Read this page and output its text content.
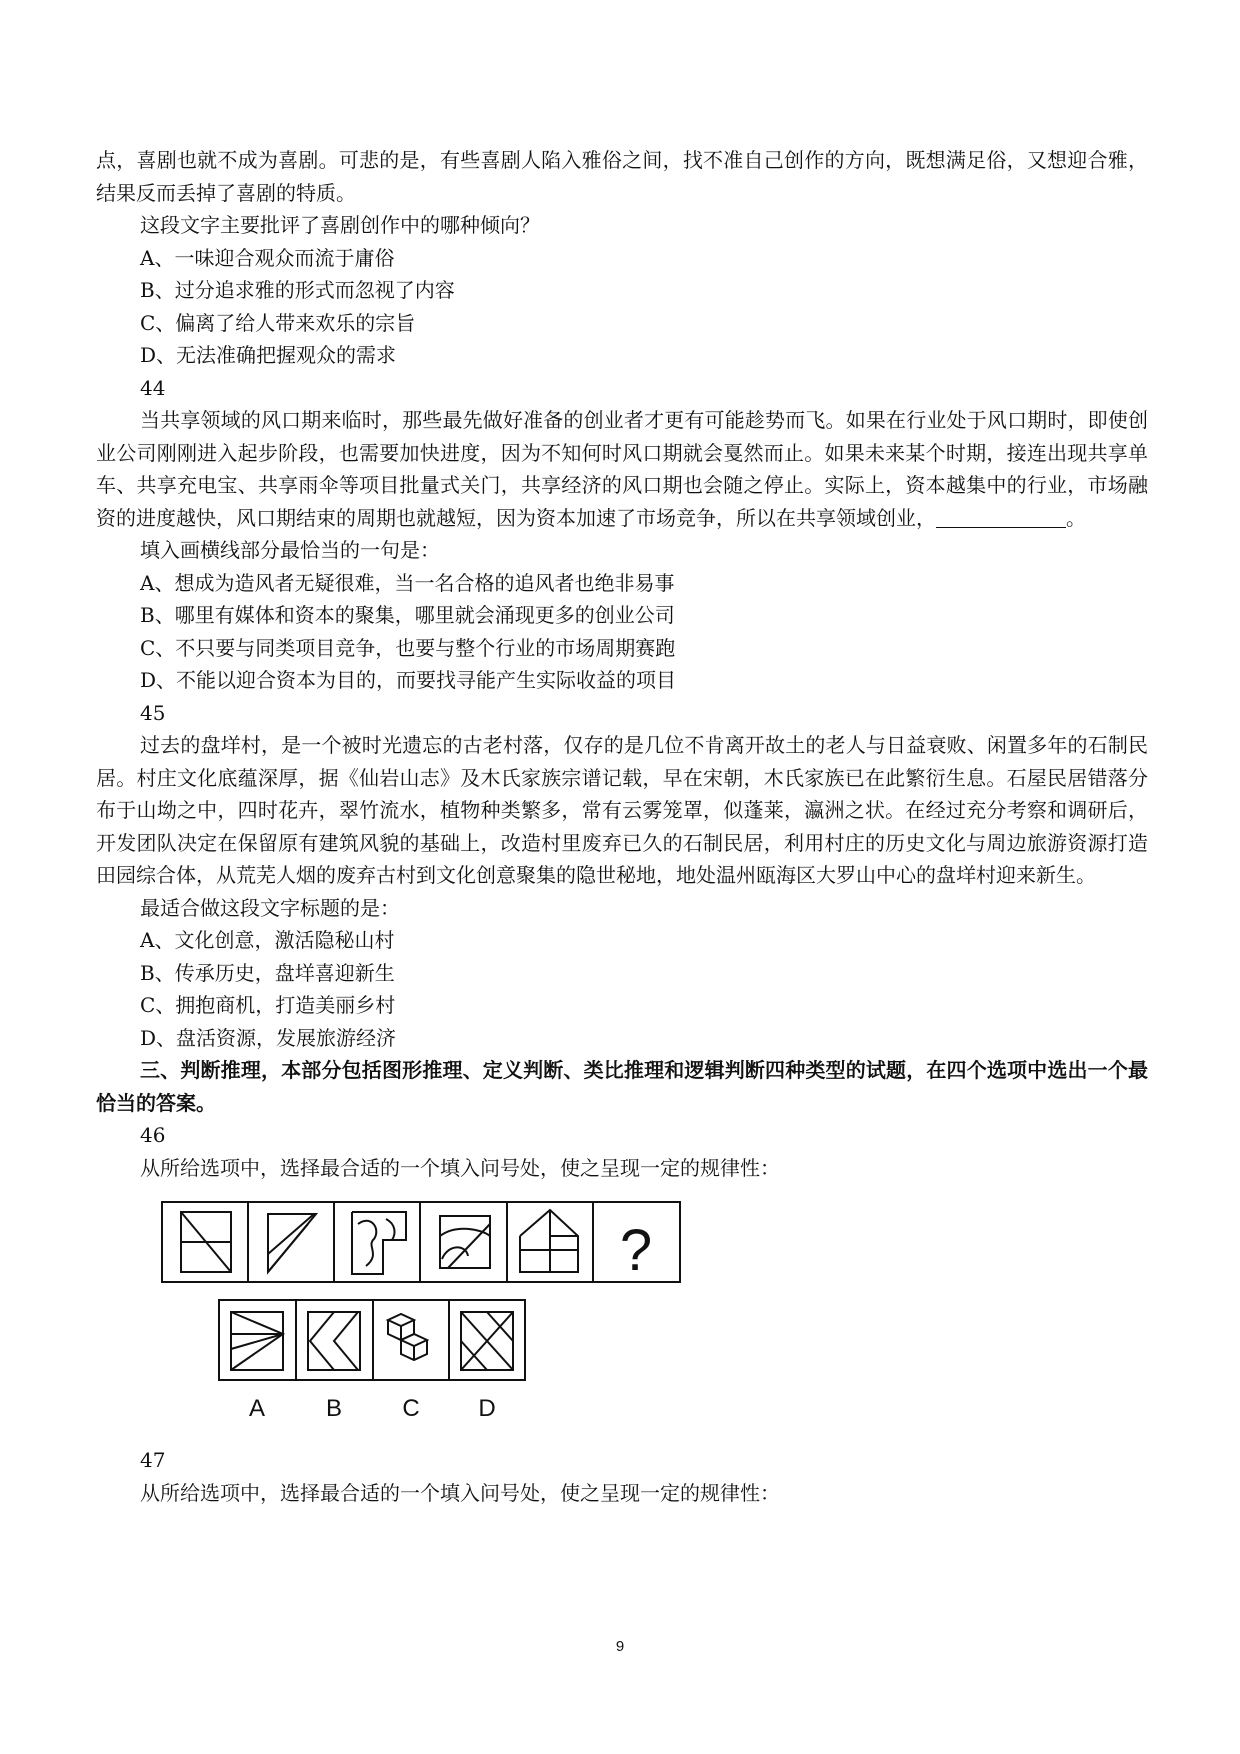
点，喜剧也就不成为喜剧。可悲的是，有些喜剧人陷入雅俗之间，找不准自己创作的方向，既想满足俗，又想迎合雅，结果反而丢掉了喜剧的特质。

这段文字主要批评了喜剧创作中的哪种倾向？

A、一味迎合观众而流于庸俗

B、过分追求雅的形式而忽视了内容

C、偏离了给人带来欢乐的宗旨

D、无法准确把握观众的需求

44

当共享领域的风口期来临时，那些最先做好准备的创业者才更有可能趁势而飞。如果在行业处于风口期时，即使创业公司刚刚进入起步阶段，也需要加快进度，因为不知何时风口期就会戛然而止。如果未来某个时期，接连出现共享单车、共享充电宝、共享雨伞等项目批量式关门，共享经济的风口期也会随之停止。实际上，资本越集中的行业，市场融资的进度越快，风口期结束的周期也就越短，因为资本加速了市场竞争，所以在共享领域创业，	。

填入画横线部分最恰当的一句是：

A、想成为造风者无疑很难，当一名合格的追风者也绝非易事

B、哪里有媒体和资本的聚集，哪里就会涌现更多的创业公司

C、不只要与同类项目竞争，也要与整个行业的市场周期赛跑

D、不能以迎合资本为目的，而要找寻能产生实际收益的项目

45

过去的盘垟村，是一个被时光遗忘的古老村落，仅存的是几位不肯离开故土的老人与日益衰败、闲置多年的石制民居。村庄文化底蕴深厚，据《仙岩山志》及木氏家族宗谱记载，早在宋朝，木氏家族已在此繁衍生息。石屋民居错落分布于山坳之中，四时花卉，翠竹流水，植物种类繁多，常有云雾笼罩，似蓬莱，瀛洲之状。在经过充分考察和调研后，开发团队决定在保留原有建筑风貌的基础上，改造村里废弃已久的石制民居，利用村庄的历史文化与周边旅游资源打造田园综合体，从荒芜人烟的废弃古村到文化创意聚集的隐世秘地，地处温州瓯海区大罗山中心的盘垟村迎来新生。

最适合做这段文字标题的是：

A、文化创意，激活隐秘山村

B、传承历史，盘垟喜迎新生

C、拥抱商机，打造美丽乡村

D、盘活资源，发展旅游经济

三、判断推理，本部分包括图形推理、定义判断、类比推理和逻辑判断四种类型的试题，在四个选项中选出一个最恰当的答案。

46

从所给选项中，选择最合适的一个填入问号处，使之呈现一定的规律性：

?
A	B	C D

47

从所给选项中，选择最合适的一个填入问号处，使之呈现一定的规律性：

9
